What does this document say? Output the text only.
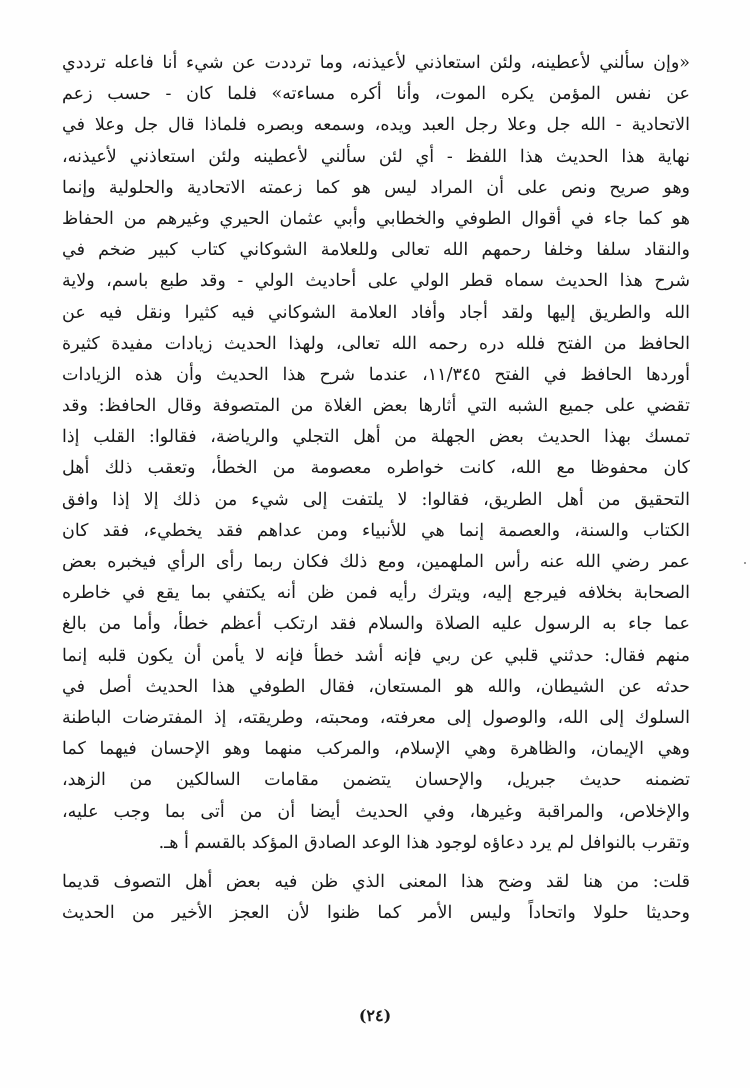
«وإن سألني لأعطينه، ولئن استعاذني لأعيذنه، وما ترددت عن شيء أنا فاعله ترددي
عن نفس المؤمن يكره الموت، وأنا أكره مساءته» فلما كان - حسب زعم
الاتحادية - الله جل وعلا رجل العبد ويده، وسمعه وبصره فلماذا قال جل وعلا في
نهاية هذا الحديث هذا اللفظ - أي لئن سألني لأعطينه ولئن استعاذني لأعيذنه،
وهو صريح ونص على أن المراد ليس هو كما زعمته الاتحادية والحلولية وإنما
هو كما جاء في أقوال الطوفي والخطابي وأبي عثمان الحيري وغيرهم من الحفاظ
والنقاد سلفا وخلفا رحمهم الله تعالى وللعلامة الشوكاني كتاب كبير ضخم في
شرح هذا الحديث سماه قطر الولي على أحاديث الولي - وقد طبع باسم، ولاية
الله والطريق إليها ولقد أجاد وأفاد العلامة الشوكاني فيه كثيرا ونقل فيه عن
الحافظ من الفتح فلله دره رحمه الله تعالى، ولهذا الحديث زيادات مفيدة كثيرة
أوردها الحافظ في الفتح ١١/٣٤٥، عندما شرح هذا الحديث وأن هذه الزيادات
تقضي على جميع الشبه التي أثارها بعض الغلاة من المتصوفة وقال الحافظ: وقد
تمسك بهذا الحديث بعض الجهلة من أهل التجلي والرياضة، فقالوا: القلب إذا
كان محفوظا مع الله، كانت خواطره معصومة من الخطأ، وتعقب ذلك أهل
التحقيق من أهل الطريق، فقالوا: لا يلتفت إلى شيء من ذلك إلا إذا وافق
الكتاب والسنة، والعصمة إنما هي للأنبياء ومن عداهم فقد يخطيء، فقد كان
عمر رضي الله عنه رأس الملهمين، ومع ذلك فكان ربما رأى الرأي فيخبره بعض
الصحابة بخلافه فيرجع إليه، ويترك رأيه فمن ظن أنه يكتفي بما يقع في خاطره
عما جاء به الرسول عليه الصلاة والسلام فقد ارتكب أعظم خطأ، وأما من بالغ
منهم فقال: حدثني قلبي عن ربي فإنه أشد خطأ فإنه لا يأمن أن يكون قلبه إنما
حدثه عن الشيطان، والله هو المستعان، فقال الطوفي هذا الحديث أصل في
السلوك إلى الله، والوصول إلى معرفته، ومحبته، وطريقته، إذ المفترضات الباطنة
وهي الإيمان، والظاهرة وهي الإسلام، والمركب منهما وهو الإحسان فيهما كما
تضمنه حديث جبريل، والإحسان يتضمن مقامات السالكين من الزهد،
والإخلاص، والمراقبة وغيرها، وفي الحديث أيضا أن من أتى بما وجب عليه،
وتقرب بالنوافل لم يرد دعاؤه لوجود هذا الوعد الصادق المؤكد بالقسم أ هـ.
قلت: من هنا لقد وضح هذا المعنى الذي ظن فيه بعض أهل التصوف قديما
وحديثا حلولا واتحاداً وليس الأمر كما ظنوا لأن العجز الأخير من الحديث
(٢٤)
